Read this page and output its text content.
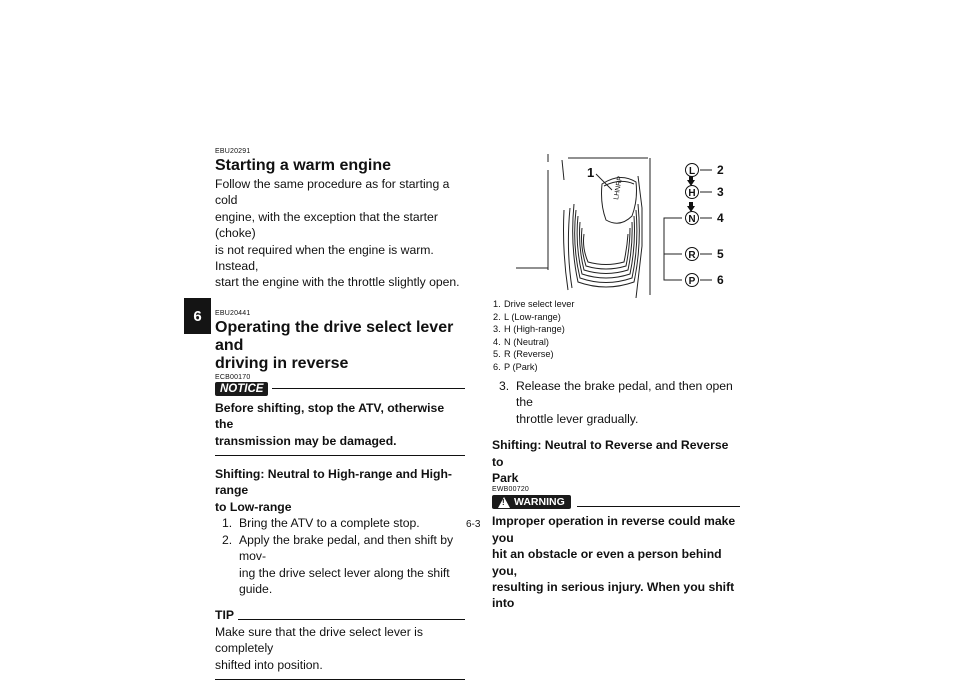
6
EBU20291
Starting a warm engine

Follow the same procedure as for starting a cold

engine, with the exception that the starter (choke)

is not required when the engine is warm. Instead,

start the engine with the throttle slightly open.

EBU20441
Operating the drive select lever and
driving in reverse
ECB00170
NOTICE

Before shifting, stop the ATV, otherwise the

transmission may be damaged.

Shifting: Neutral to High-range and High-range

to Low-range

1. Bring the ATV to a complete stop.
2. Apply the brake pedal, and then shift by mov-
ing the drive select lever along the shift guide.
TIP

Make sure that the drive select lever is completely

shifted into position.

LHNRP
1	L 2
H 3
N 4
R 5
P 6
1. Drive select lever
2. L (Low-range)
3. H (High-range)
4. N (Neutral)
5. R (Reverse)
6. P (Park)
3. Release the brake pedal, and then open the
throttle lever gradually.

Shifting: Neutral to Reverse and Reverse to

Park

EWB00720
!
WARNING

Improper operation in reverse could make you

hit an obstacle or even a person behind you,

resulting in serious injury. When you shift into

6-3
